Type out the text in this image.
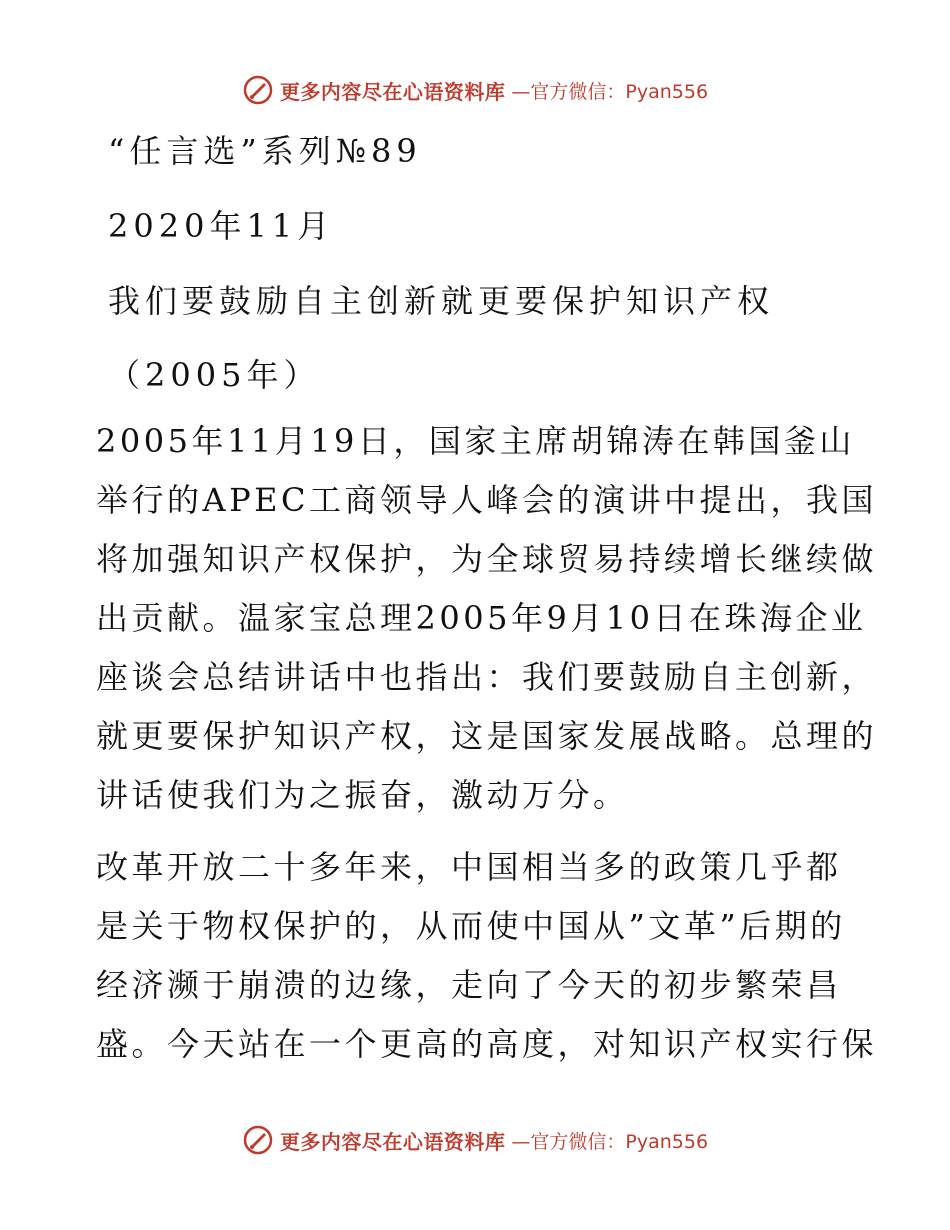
更多内容尽在心语资料库 —官方微信：Pyan556
“任言选”系列№89
2020年11月
我们要鼓励自主创新就更要保护知识产权
（2005年）
2005年11月19日，国家主席胡锦涛在韩国釜山
举行的APEC工商领导人峰会的演讲中提出，我国
将加强知识产权保护，为全球贸易持续增长继续做
出贡献。温家宝总理2005年9月10日在珠海企业
座谈会总结讲话中也指出：我们要鼓励自主创新，
就更要保护知识产权，这是国家发展战略。总理的
讲话使我们为之振奋，激动万分。
改革开放二十多年来，中国相当多的政策几乎都
是关于物权保护的，从而使中国从”文革”后期的
经济濒于崩溃的边缘，走向了今天的初步繁荣昌
盛。今天站在一个更高的高度，对知识产权实行保
更多内容尽在心语资料库 —官方微信：Pyan556
